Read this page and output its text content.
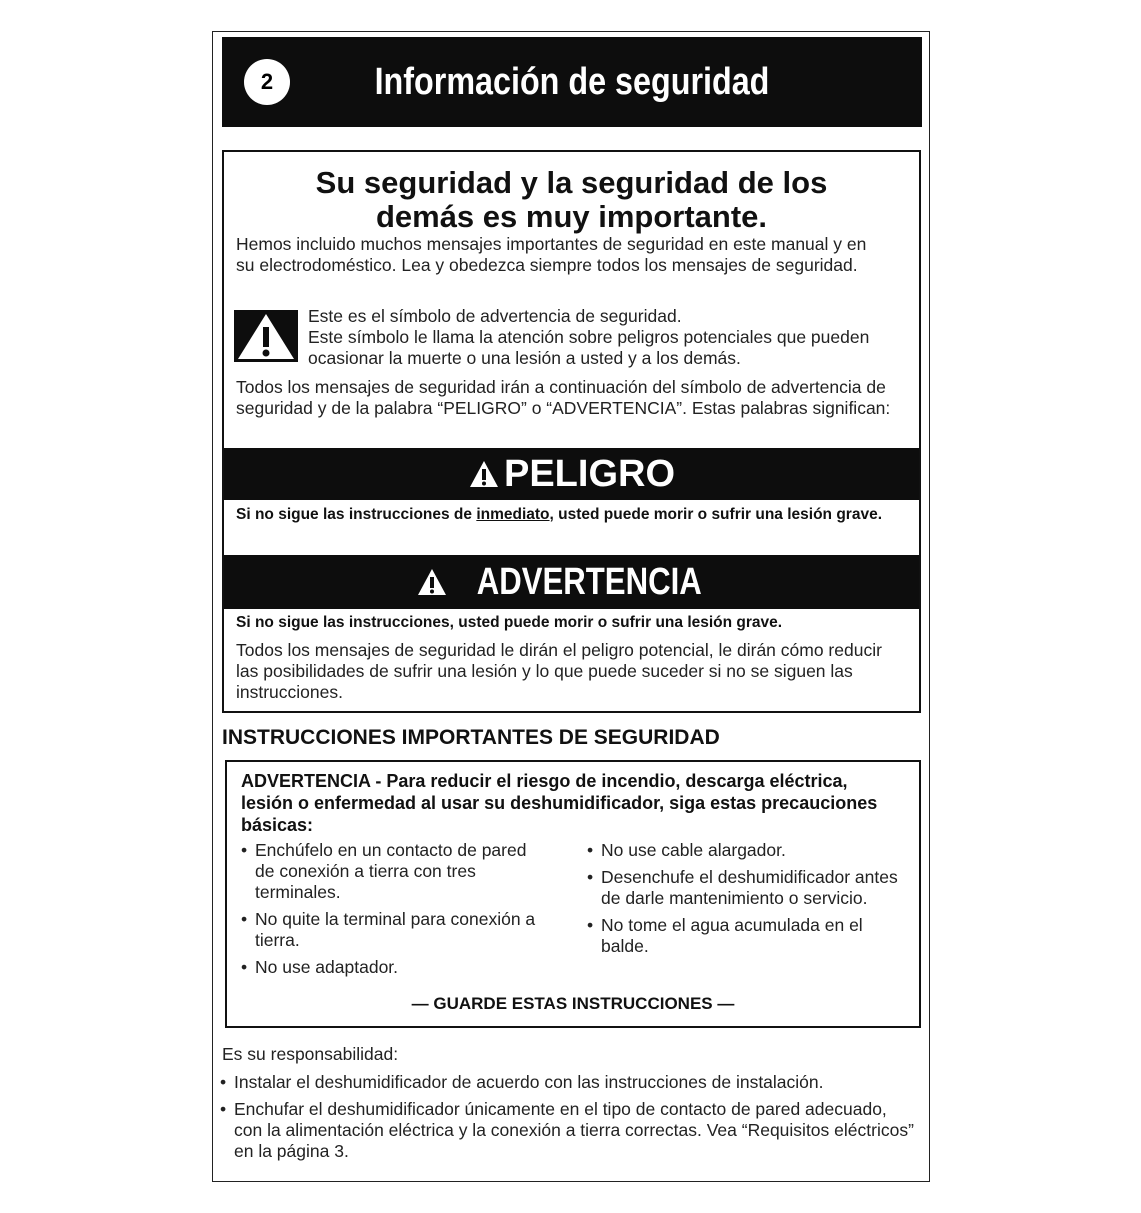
2	Información de seguridad
Su seguridad y la seguridad de los
demás es muy importante.
Hemos incluido muchos mensajes importantes de seguridad en este manual y en su electrodoméstico. Lea y obedezca siempre todos los mensajes de seguridad.
Este es el símbolo de advertencia de seguridad.
Este símbolo le llama la atención sobre peligros potenciales que pueden ocasionar la muerte o una lesión a usted y a los demás.
Todos los mensajes de seguridad irán a continuación del símbolo de advertencia de seguridad y de la palabra “PELIGRO” o “ADVERTENCIA”. Estas palabras significan:
PELIGRO
Si no sigue las instrucciones de inmediato, usted puede morir o sufrir una lesión grave.
ADVERTENCIA
Si no sigue las instrucciones, usted puede morir o sufrir una lesión grave.
Todos los mensajes de seguridad le dirán el peligro potencial, le dirán cómo reducir las posibilidades de sufrir una lesión y lo que puede suceder si no se siguen las instrucciones.
INSTRUCCIONES IMPORTANTES DE SEGURIDAD
ADVERTENCIA - Para reducir el riesgo de incendio, descarga eléctrica, lesión o enfermedad al usar su deshumidificador, siga estas precauciones básicas:
• Enchúfelo en un contacto de pared de conexión a tierra con tres terminales.
• No quite la terminal para conexión a tierra.
• No use adaptador.
• No use cable alargador.
• Desenchufe el deshumidificador antes de darle mantenimiento o servicio.
• No tome el agua acumulada en el balde.
— GUARDE ESTAS INSTRUCCIONES —
Es su responsabilidad:
• Instalar el deshumidificador de acuerdo con las instrucciones de instalación.
• Enchufar el deshumidificador únicamente en el tipo de contacto de pared adecuado, con la alimentación eléctrica y la conexión a tierra correctas. Vea “Requisitos eléctricos” en la página 3.
